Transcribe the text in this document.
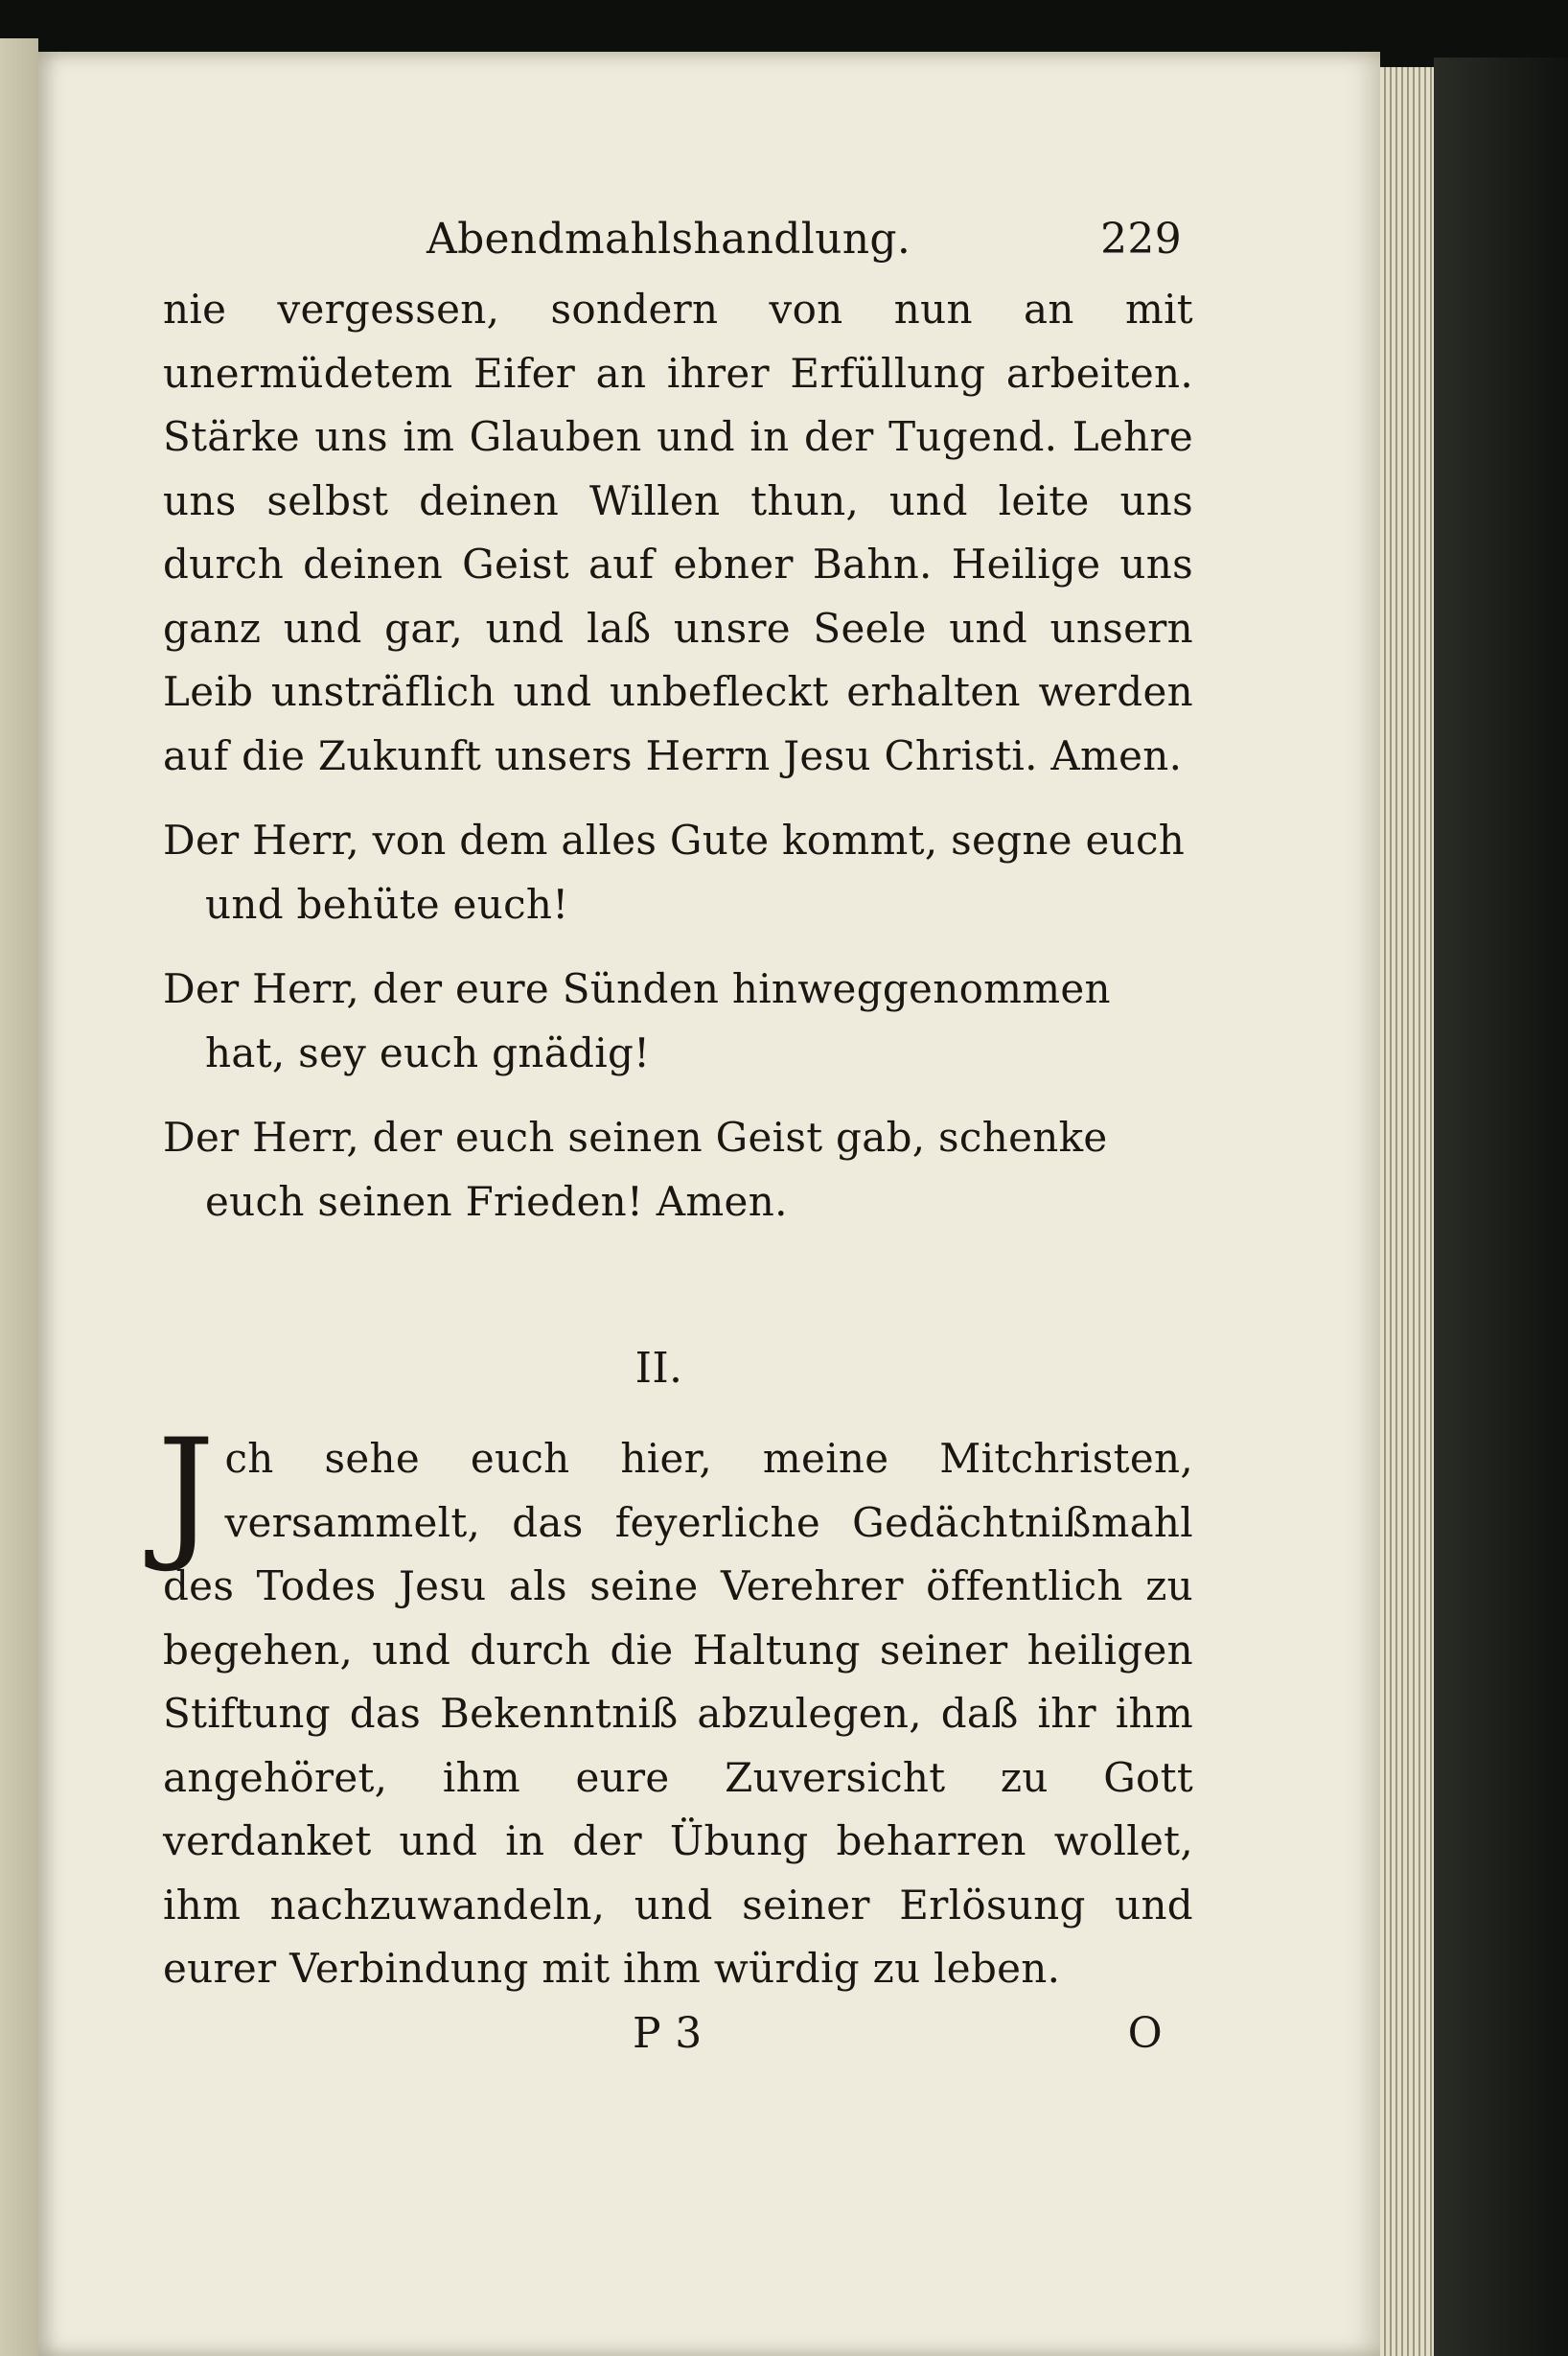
Abendmahlshandlung.	229

nie vergessen, sondern von nun an mit unermüdetem Eifer an ihrer Erfüllung arbeiten. Stärke uns im Glauben und in der Tugend. Lehre uns selbst deinen Willen thun, und leite uns durch deinen Geist auf ebner Bahn. Heilige uns ganz und gar, und laß unsre Seele und unsern Leib unsträflich und unbefleckt erhalten werden auf die Zukunft unsers Herrn Jesu Christi. Amen.

Der Herr, von dem alles Gute kommt, segne euch und behüte euch!

Der Herr, der eure Sünden hinweggenommen hat, sey euch gnädig!

Der Herr, der euch seinen Geist gab, schenke euch seinen Frieden! Amen.

II.

J ch sehe euch hier, meine Mitchristen, versammelt, das feyerliche Gedächtnißmahl des Todes Jesu als seine Verehrer öffentlich zu begehen, und durch die Haltung seiner heiligen Stiftung das Bekenntniß abzulegen, daß ihr ihm angehöret, ihm eure Zuversicht zu Gott verdanket und in der Übung beharren wollet, ihm nachzuwandeln, und seiner Erlösung und eurer Verbindung mit ihm würdig zu leben.

P 3	O
